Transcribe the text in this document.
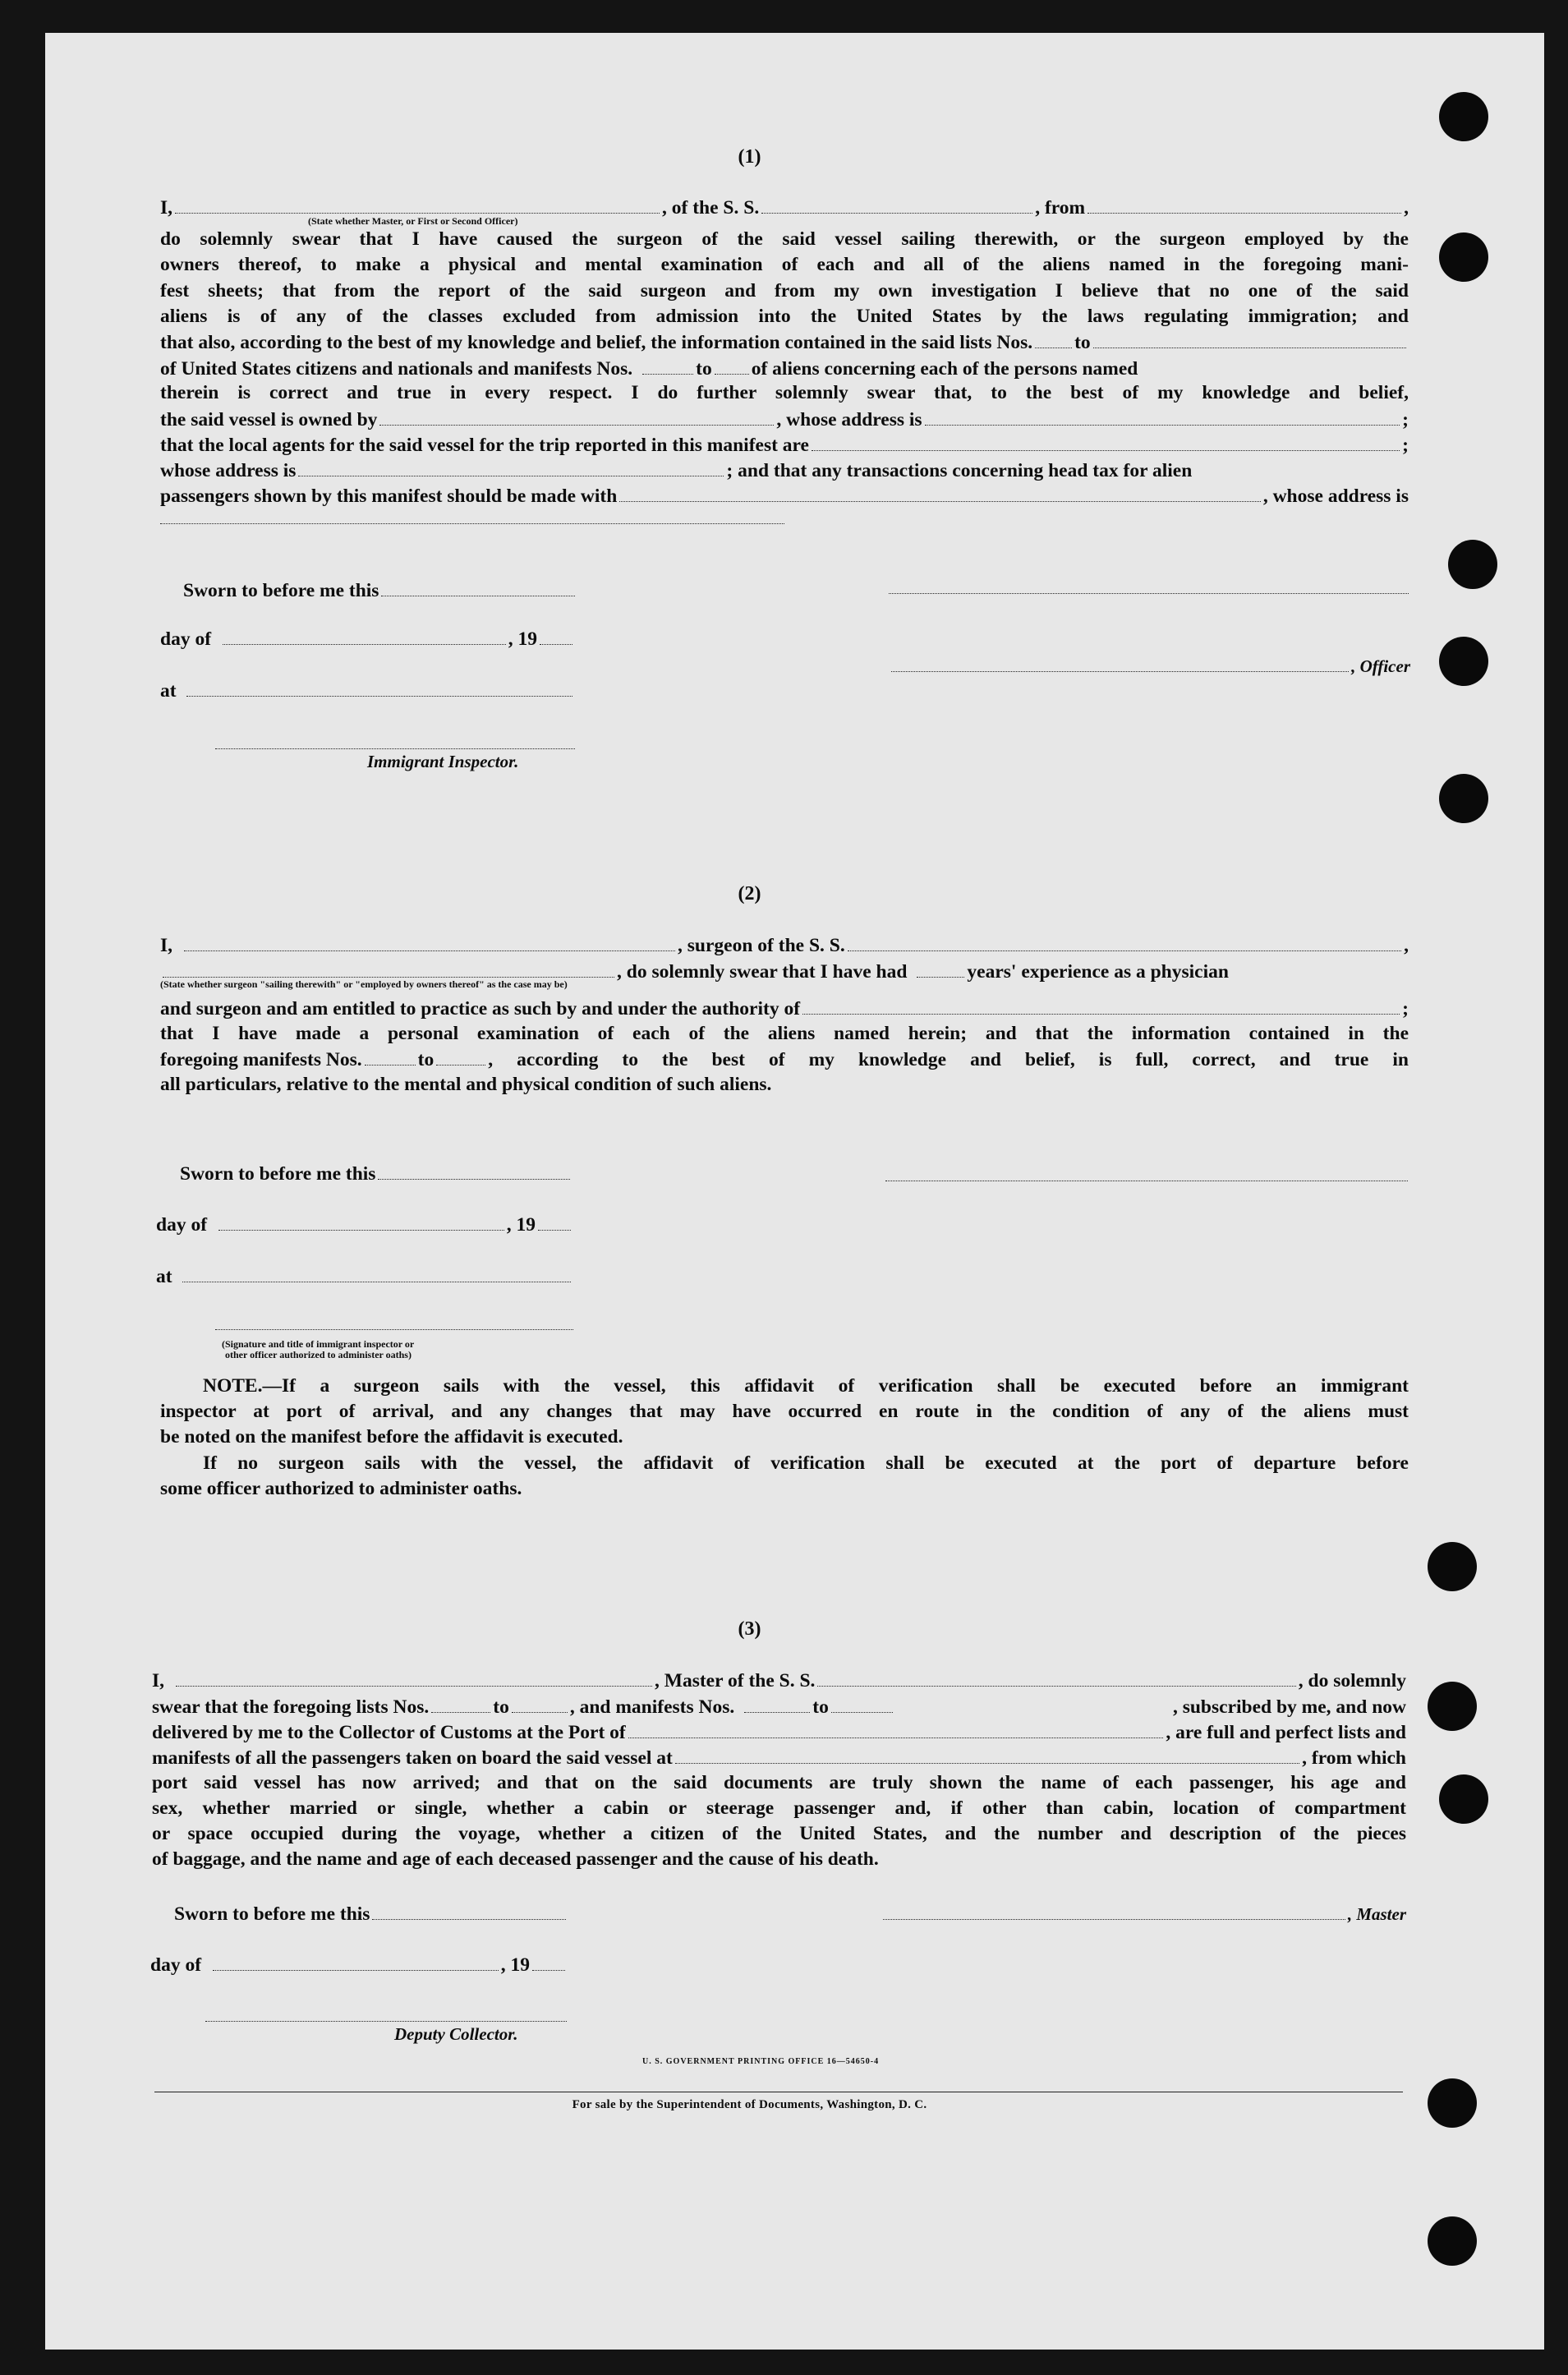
(1)
I,	, of the S. S.	, from	,
(State whether Master, or First or Second Officer)
do solemnly swear that I have caused the surgeon of the said vessel sailing therewith, or the surgeon employed by the
owners thereof, to make a physical and mental examination of each and all of the aliens named in the foregoing mani-
fest sheets; that from the report of the said surgeon and from my own investigation I believe that no one of the said
aliens is of any of the classes excluded from admission into the United States by the laws regulating immigration; and
that also, according to the best of my knowledge and belief, the information contained in the said lists Nos. to
of United States citizens and nationals and manifests Nos.	to of aliens concerning each of the persons named
therein is correct and true in every respect. I do further solemnly swear that, to the best of my knowledge and belief,
the said vessel is owned by	, whose address is	;
that the local agents for the said vessel for the trip reported in this manifest are	;
whose address is	; and that any transactions concerning head tax for alien
passengers shown by this manifest should be made with	, whose address is
Sworn to before me this
day of	, 19
, Officer
at
Immigrant Inspector.
(2)
I,	, surgeon of the S. S.	,
, do solemnly swear that I have had	years' experience as a physician
(State whether surgeon "sailing therewith" or "employed by owners thereof" as the case may be)
and surgeon and am entitled to practice as such by and under the authority of	;
that I have made a personal examination of each of the aliens named herein; and that the information contained in the
foregoing manifests Nos.	to	, according to the best of my knowledge and belief, is full, correct, and true in
all particulars, relative to the mental and physical condition of such aliens.
Sworn to before me this
day of	, 19
at
(Signature and title of immigrant inspector or
other officer authorized to administer oaths)
NOTE.—If a surgeon sails with the vessel, this affidavit of verification shall be executed before an immigrant
inspector at port of arrival, and any changes that may have occurred en route in the condition of any of the aliens must
be noted on the manifest before the affidavit is executed.
If no surgeon sails with the vessel, the affidavit of verification shall be executed at the port of departure before
some officer authorized to administer oaths.
(3)
I,	, Master of the S. S.	, do solemnly
swear that the foregoing lists Nos.	to	, and manifests Nos.	to	, subscribed by me, and now
delivered by me to the Collector of Customs at the Port of	, are full and perfect lists and
manifests of all the passengers taken on board the said vessel at	, from which
port said vessel has now arrived; and that on the said documents are truly shown the name of each passenger, his age and
sex, whether married or single, whether a cabin or steerage passenger and, if other than cabin, location of compartment
or space occupied during the voyage, whether a citizen of the United States, and the number and description of the pieces
of baggage, and the name and age of each deceased passenger and the cause of his death.
Sworn to before me this	, Master
day of	, 19
Deputy Collector.
U. S. GOVERNMENT PRINTING OFFICE 16—54650-4
For sale by the Superintendent of Documents, Washington, D. C.
